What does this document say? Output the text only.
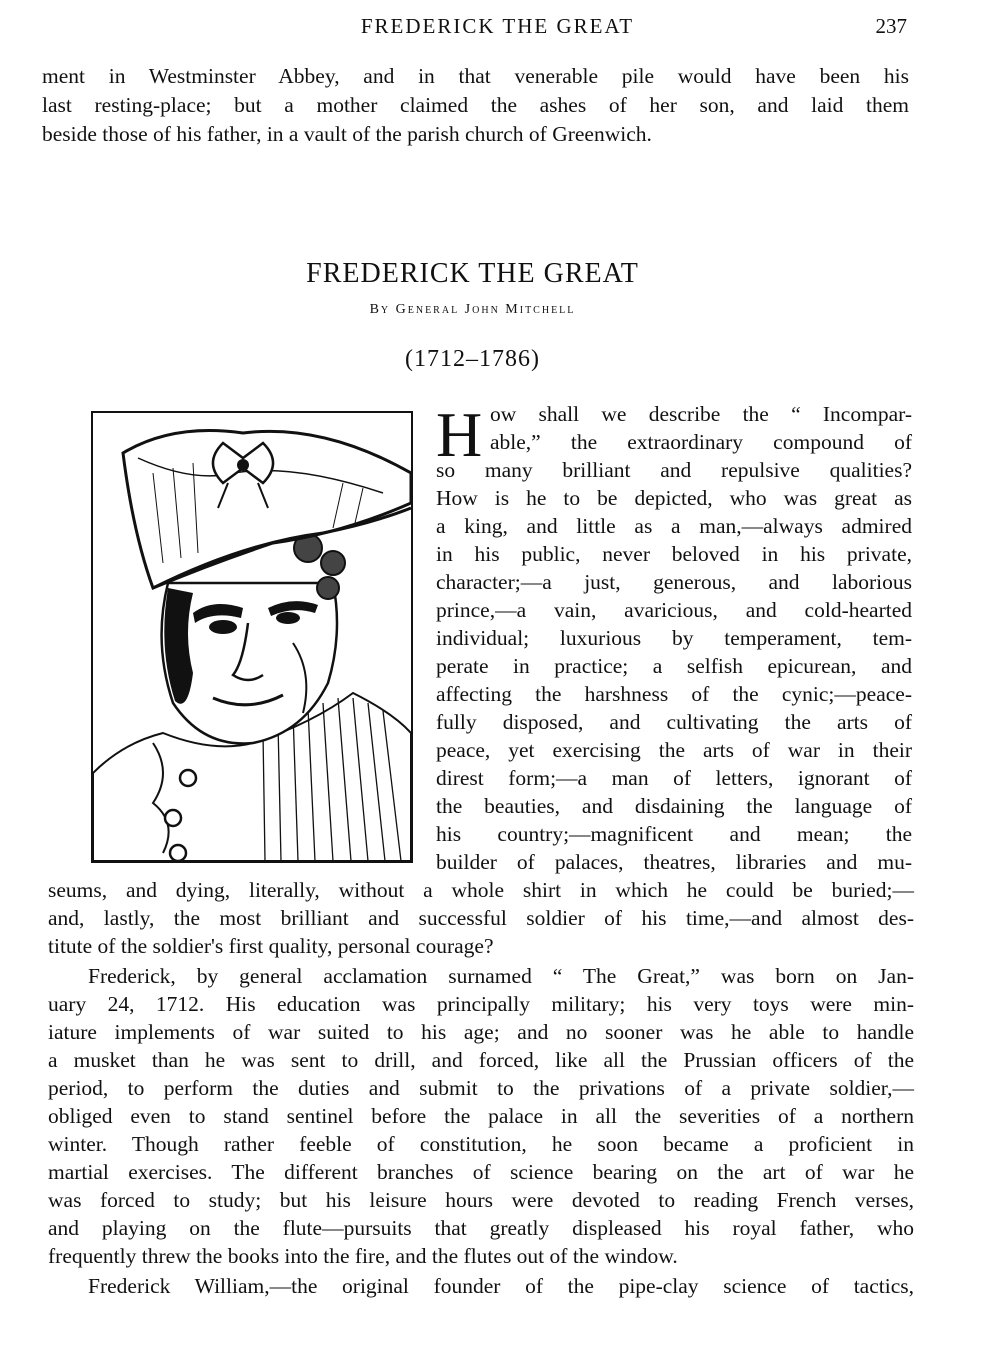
FREDERICK THE GREAT	237
ment in Westminster Abbey, and in that venerable pile would have been his
last resting-place; but a mother claimed the ashes of her son, and laid them
beside those of his father, in a vault of the parish church of Greenwich.
FREDERICK THE GREAT
By General John Mitchell
(1712–1786)
H ow shall we describe the “ Incompar-
able,” the extraordinary compound of
so many brilliant and repulsive qualities?
How is he to be depicted, who was great as
a king, and little as a man,—always admired
in his public, never beloved in his private,
character;—a just, generous, and laborious
prince,—a vain, avaricious, and cold-hearted
individual; luxurious by temperament, tem-
perate in practice; a selfish epicurean, and
affecting the harshness of the cynic;—peace-
fully disposed, and cultivating the arts of
peace, yet exercising the arts of war in their
direst form;—a man of letters, ignorant of
the beauties, and disdaining the language of
his country;—magnificent and mean; the
builder of palaces, theatres, libraries and mu-
seums, and dying, literally, without a whole shirt in which he could be buried;—
and, lastly, the most brilliant and successful soldier of his time,—and almost des-
titute of the soldier's first quality, personal courage?
Frederick, by general acclamation surnamed “ The Great,” was born on Jan-
uary 24, 1712. His education was principally military; his very toys were min-
iature implements of war suited to his age; and no sooner was he able to handle
a musket than he was sent to drill, and forced, like all the Prussian officers of the
period, to perform the duties and submit to the privations of a private soldier,—
obliged even to stand sentinel before the palace in all the severities of a northern
winter. Though rather feeble of constitution, he soon became a proficient in
martial exercises. The different branches of science bearing on the art of war he
was forced to study; but his leisure hours were devoted to reading French verses,
and playing on the flute—pursuits that greatly displeased his royal father, who
frequently threw the books into the fire, and the flutes out of the window.
Frederick William,—the original founder of the pipe-clay science of tactics,
